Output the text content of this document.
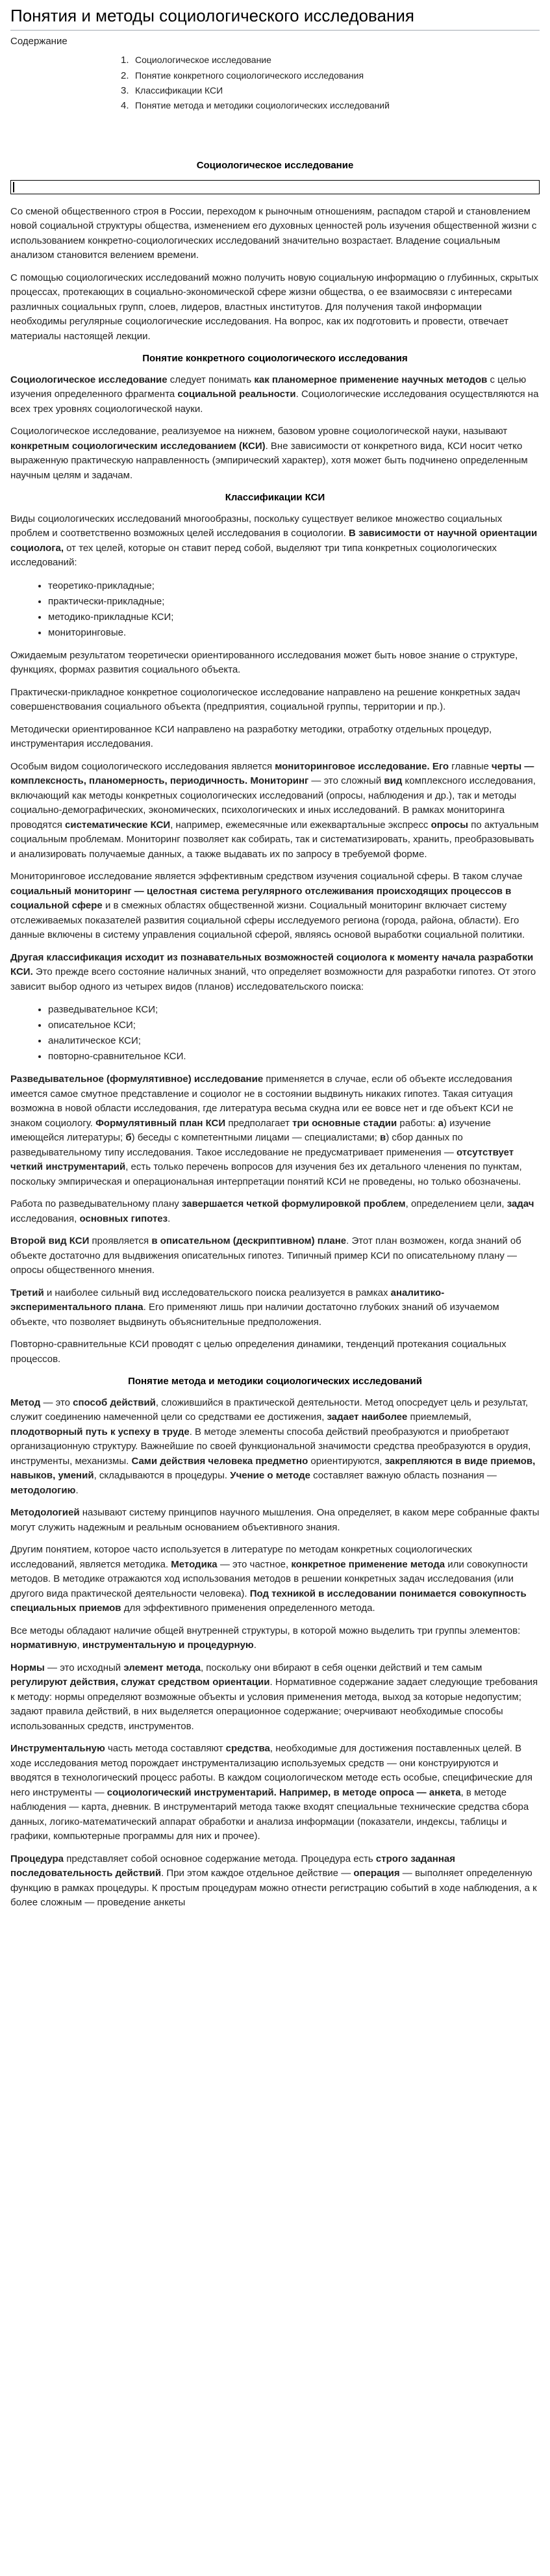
Понятия и методы социологического исследования
Содержание
1. Социологическое исследование
2. Понятие конкретного социологического исследования
3. Классификации КСИ
4. Понятие метода и методики социологических исследований
Социологическое исследование

Со сменой общественного строя в России, переходом к рыночным отношениям, распадом старой и становлением новой социальной структуры общества, изменением его духовных ценностей роль изучения общественной жизни с использованием конкретно-социологических исследований значительно возрастает. Владение социальным анализом становится велением времени.

С помощью социологических исследований можно получить новую социальную информацию о глубинных, скрытых процессах, протекающих в социально-экономической сфере жизни общества, о ее взаимосвязи с интересами различных социальных групп, слоев, лидеров, властных институтов. Для получения такой информации необходимы регулярные социологические исследования. На вопрос, как их подготовить и провести, отвечает материалы настоящей лекции.

Понятие конкретного социологического исследования

Социологическое исследование следует понимать как планомерное применение научных методов с целью изучения определенного фрагмента социальной реальности. Социологические исследования осуществляются на всех трех уровнях социологической науки.

Социологическое исследование, реализуемое на нижнем, базовом уровне социологической науки, называют конкретным социологическим исследованием (КСИ). Вне зависимости от конкретного вида, КСИ носит четко выраженную практическую направленность (эмпирический характер), хотя может быть подчинено определенным научным целям и задачам.

Классификации КСИ

Виды социологических исследований многообразны, поскольку существует великое множество социальных проблем и соответственно возможных целей исследования в социологии. В зависимости от научной ориентации социолога, от тех целей, которые он ставит перед собой, выделяют три типа конкретных социологических исследований:

• теоретико-прикладные;
• практически-прикладные;
• методико-прикладные КСИ;
• мониторинговые.

Ожидаемым результатом теоретически ориентированного исследования может быть новое знание о структуре, функциях, формах развития социального объекта.

Практически-прикладное конкретное социологическое исследование направлено на решение конкретных задач совершенствования социального объекта (предприятия, социальной группы, территории и пр.).

Методически ориентированное КСИ направлено на разработку методики, отработку отдельных процедур, инструментария исследования.

Особым видом социологического исследования является мониторинговое исследование. Его главные черты — комплексность, планомерность, периодичность. Мониторинг — это сложный вид комплексного исследования, включающий как методы конкретных социологических исследований (опросы, наблюдения и др.), так и методы социально-демографических, экономических, психологических и иных исследований. В рамках мониторинга проводятся систематические КСИ, например, ежемесячные или ежеквартальные экспресс опросы по актуальным социальным проблемам. Мониторинг позволяет как собирать, так и систематизировать, хранить, преобразовывать и анализировать получаемые данных, а также выдавать их по запросу в требуемой форме.

Мониторинговое исследование является эффективным средством изучения социальной сферы. В таком случае социальный мониторинг — целостная система регулярного отслеживания происходящих процессов в социальной сфере и в смежных областях общественной жизни. Социальный мониторинг включает систему отслеживаемых показателей развития социальной сферы исследуемого региона (города, района, области). Его данные включены в систему управления социальной сферой, являясь основой выработки социальной политики.

Другая классификация исходит из познавательных возможностей социолога к моменту начала разработки КСИ. Это прежде всего состояние наличных знаний, что определяет возможности для разработки гипотез. От этого зависит выбор одного из четырех видов (планов) исследовательского поиска:

• разведывательное КСИ;
• описательное КСИ;
• аналитическое КСИ;
• повторно-сравнительное КСИ.

Разведывательное (формулятивное) исследование применяется в случае, если об объекте исследования имеется самое смутное представление и социолог не в состоянии выдвинуть никаких гипотез. Такая ситуация возможна в новой области исследования, где литература весьма скудна или ее вовсе нет и где объект КСИ не знаком социологу. Формулятивный план КСИ предполагает три основные стадии работы: а) изучение имеющейся литературы; б) беседы с компетентными лицами — специалистами; в) сбор данных по разведывательному типу исследования. Такое исследование не предусматривает применения — отсутствует четкий инструментарий, есть только перечень вопросов для изучения без их детального членения по пунктам, поскольку эмпирическая и операциональная интерпретации понятий КСИ не проведены, но только обозначены.

Работа по разведывательному плану завершается четкой формулировкой проблем, определением цели, задач исследования, основных гипотез.

Второй вид КСИ проявляется в описательном (дескриптивном) плане. Этот план возможен, когда знаний об объекте достаточно для выдвижения описательных гипотез. Типичный пример КСИ по описательному плану — опросы общественного мнения.

Третий и наиболее сильный вид исследовательского поиска реализуется в рамках аналитико-экспериментального плана. Его применяют лишь при наличии достаточно глубоких знаний об изучаемом объекте, что позволяет выдвинуть объяснительные предположения.

Повторно-сравнительные КСИ проводят с целью определения динамики, тенденций протекания социальных процессов.

Понятие метода и методики социологических исследований

Метод — это способ действий, сложившийся в практической деятельности. Метод опосредует цель и результат, служит соединению намеченной цели со средствами ее достижения, задает наиболее приемлемый, плодотворный путь к успеху в труде. В методе элементы способа действий преобразуются и приобретают организационную структуру. Важнейшие по своей функциональной значимости средства преобразуются в орудия, инструменты, механизмы. Сами действия человека предметно ориентируются, закрепляются в виде приемов, навыков, умений, складываются в процедуры. Учение о методе составляет важную область познания — методологию.

Методологией называют систему принципов научного мышления. Она определяет, в каком мере собранные факты могут служить надежным и реальным основанием объективного знания.

Другим понятием, которое часто используется в литературе по методам конкретных социологических исследований, является методика. Методика — это частное, конкретное применение метода или совокупности методов. В методике отражаются ход использования методов в решении конкретных задач исследования (или другого вида практической деятельности человека). Под техникой в исследовании понимается совокупность специальных приемов для эффективного применения определенного метода.

Все методы обладают наличие общей внутренней структуры, в которой можно выделить три группы элементов: нормативную, инструментальную и процедурную.

Нормы — это исходный элемент метода, поскольку они вбирают в себя оценки действий и тем самым регулируют действия, служат средством ориентации. Нормативное содержание задает следующие требования к методу: нормы определяют возможные объекты и условия применения метода, выход за которые недопустим; задают правила действий, в них выделяется операционное содержание; очерчивают необходимые способы использованных средств, инструментов.

Инструментальную часть метода составляют средства, необходимые для достижения поставленных целей. В ходе исследования метод порождает инструментализацию используемых средств — они конструируются и вводятся в технологический процесс работы. В каждом социологическом методе есть особые, специфические для него инструменты — социологический инструментарий. Например, в методе опроса — анкета, в методе наблюдения — карта, дневник. В инструментарий метода также входят специальные технические средства сбора данных, логико-математический аппарат обработки и анализа информации (показатели, индексы, таблицы и графики, компьютерные программы для них и прочее).

Процедура представляет собой основное содержание метода. Процедура есть строго заданная последовательность действий. При этом каждое отдельное действие — операция — выполняет определенную функцию в рамках процедуры. К простым процедурам можно отнести регистрацию событий в ходе наблюдения, а к более сложным — проведение анкеты
